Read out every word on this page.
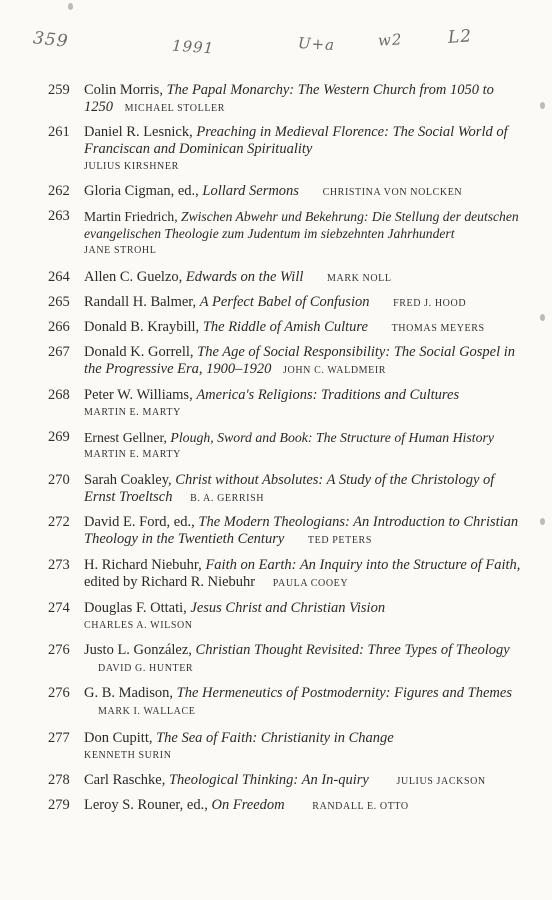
359	1991	U+a	w2	L2
259 Colin Morris, The Papal Monarchy: The Western Church from 1050 to 1250 MICHAEL STOLLER
261 Daniel R. Lesnick, Preaching in Medieval Florence: The Social World of Franciscan and Dominican Spirituality
JULIUS KIRSHNER
262 Gloria Cigman, ed., Lollard Sermons CHRISTINA VON NOLCKEN
263	Martin Friedrich, Zwischen Abwehr und Bekehrung: Die Stellung der deutschen evangelischen Theologie zum Judentum im siebzehnten Jahrhundert
JANE STROHL
264 Allen C. Guelzo, Edwards on the Will MARK NOLL
265 Randall H. Balmer, A Perfect Babel of Confusion FRED J. HOOD
266 Donald B. Kraybill, The Riddle of Amish Culture THOMAS MEYERS
267 Donald K. Gorrell, The Age of Social Responsibility: The Social Gospel in the Progressive Era, 1900–1920 JOHN C. WALDMEIR
268 Peter W. Williams, America's Religions: Traditions and Cultures
MARTIN E. MARTY
269	Ernest Gellner, Plough, Sword and Book: The Structure of Human History
MARTIN E. MARTY
270 Sarah Coakley, Christ without Absolutes: A Study of the Christology of Ernst Troeltsch B. A. GERRISH
272 David E. Ford, ed., The Modern Theologians: An Introduction to Christian Theology in the Twentieth Century TED PETERS
273 H. Richard Niebuhr, Faith on Earth: An Inquiry into the Structure of Faith, edited by Richard R. Niebuhr PAULA COOEY
274 Douglas F. Ottati, Jesus Christ and Christian Vision
CHARLES A. WILSON
276 Justo L. González, Christian Thought Revisited: Three Types of Theology DAVID G. HUNTER
276 G. B. Madison, The Hermeneutics of Postmodernity: Figures and Themes MARK I. WALLACE
277 Don Cupitt, The Sea of Faith: Christianity in Change
KENNETH SURIN
278 Carl Raschke, Theological Thinking: An In-quiry	JULIUS JACKSON
279 Leroy S. Rouner, ed., On Freedom	RANDALL E. OTTO
